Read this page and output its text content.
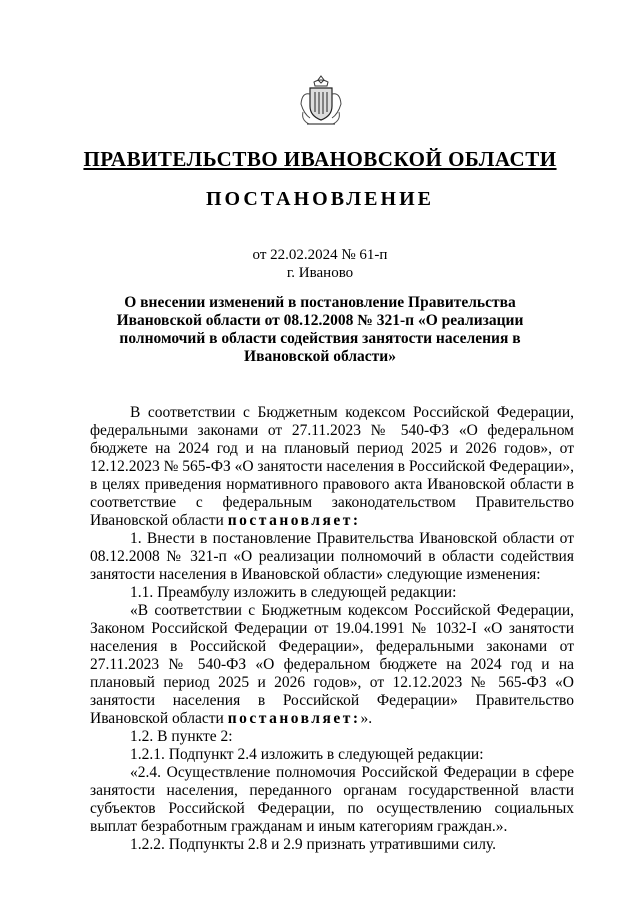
ПРАВИТЕЛЬСТВО ИВАНОВСКОЙ ОБЛАСТИ
ПОСТАНОВЛЕНИЕ
от 22.02.2024 № 61-п
г. Иваново
О внесении изменений в постановление Правительства Ивановской области от 08.12.2008 № 321-п «О реализации полномочий в области содействия занятости населения в Ивановской области»

В соответствии с Бюджетным кодексом Российской Федерации, федеральными законами от 27.11.2023 № 540-ФЗ «О федеральном бюджете на 2024 год и на плановый период 2025 и 2026 годов», от 12.12.2023 № 565-ФЗ «О занятости населения в Российской Федерации», в целях приведения нормативного правового акта Ивановской области в соответствие с федеральным законодательством Правительство Ивановской области постановляет:

1. Внести в постановление Правительства Ивановской области от 08.12.2008 № 321-п «О реализации полномочий в области содействия занятости населения в Ивановской области» следующие изменения:

1.1. Преамбулу изложить в следующей редакции:

«В соответствии с Бюджетным кодексом Российской Федерации, Законом Российской Федерации от 19.04.1991 № 1032-I «О занятости населения в Российской Федерации», федеральными законами от 27.11.2023 № 540-ФЗ «О федеральном бюджете на 2024 год и на плановый период 2025 и 2026 годов», от 12.12.2023 № 565-ФЗ «О занятости населения в Российской Федерации» Правительство Ивановской области постановляет:».

1.2. В пункте 2:

1.2.1. Подпункт 2.4 изложить в следующей редакции:

«2.4. Осуществление полномочия Российской Федерации в сфере занятости населения, переданного органам государственной власти субъектов Российской Федерации, по осуществлению социальных выплат безработным гражданам и иным категориям граждан.».

1.2.2. Подпункты 2.8 и 2.9 признать утратившими силу.
